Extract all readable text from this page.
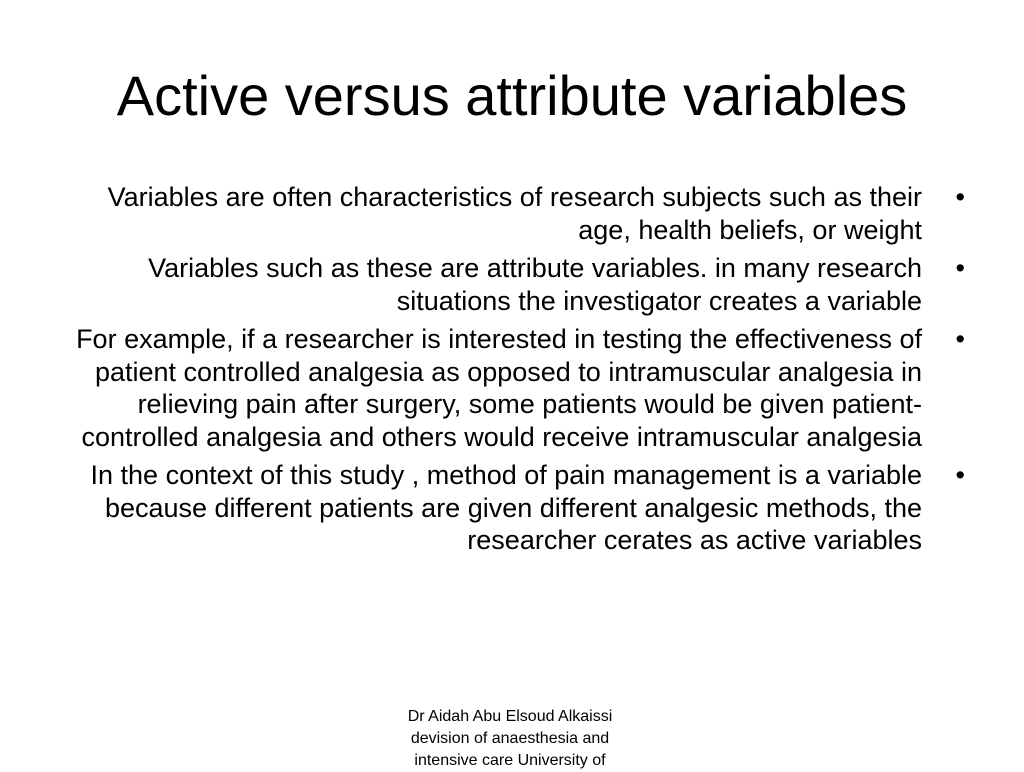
Active versus attribute variables
Variables are often characteristics of research subjects such as their age, health beliefs, or weight
•
Variables such as these are attribute variables. in many research situations the investigator creates a variable
•
For example, if a researcher is interested in testing the effectiveness of patient controlled analgesia as opposed to intramuscular analgesia in relieving pain after surgery, some patients would be given patient-controlled analgesia and others would receive intramuscular analgesia
•
In the context of this study , method of pain management is a variable because different patients are given different analgesic methods, the researcher cerates as active variables
•
Dr Aidah Abu Elsoud Alkaissi
devision of anaesthesia and
intensive care University of
